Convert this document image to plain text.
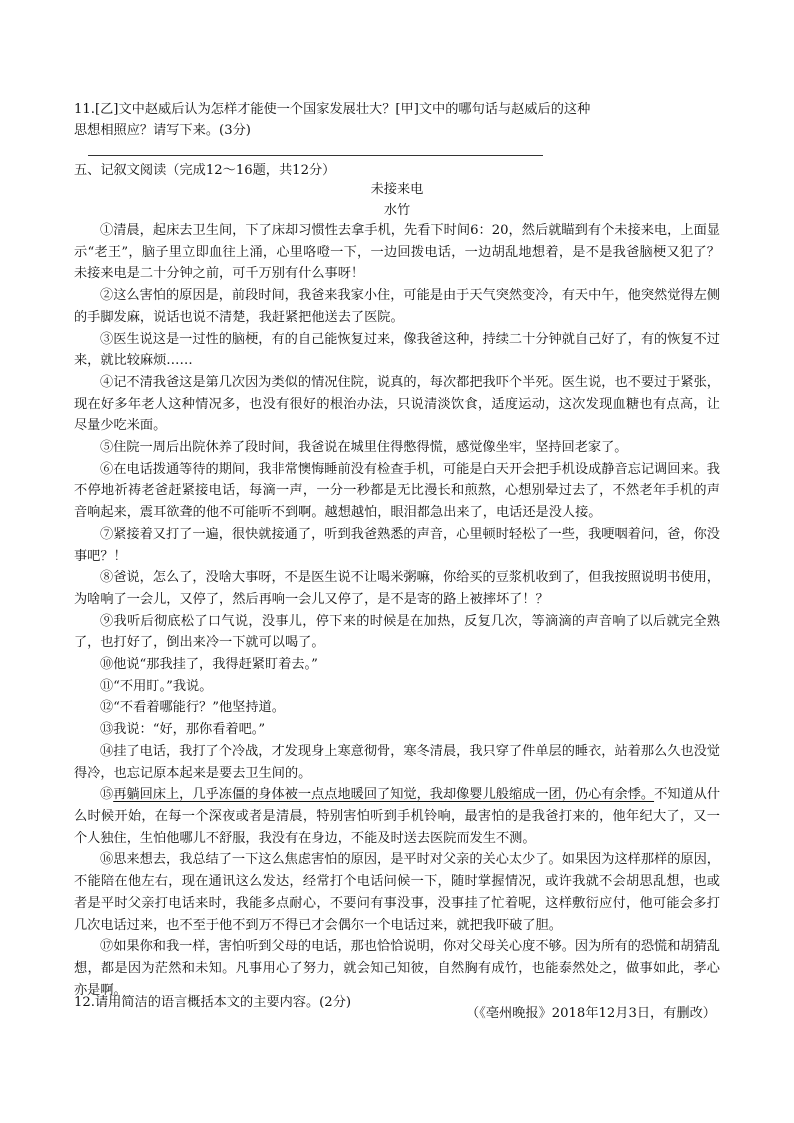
11.[乙]文中赵威后认为怎样才能使一个国家发展壮大？[甲]文中的哪句话与赵威后的这种
思想相照应？请写下来。(3分)
五、记叙文阅读（完成12～16题，共12分）
未接来电
水竹

①清晨，起床去卫生间，下了床却习惯性去拿手机，先看下时间6：20，然后就瞄到有个未接来电，上面显示“老王”，脑子里立即血往上涌，心里咯噔一下，一边回拨电话，一边胡乱地想着，是不是我爸脑梗又犯了？未接来电是二十分钟之前，可千万别有什么事呀！

②这么害怕的原因是，前段时间，我爸来我家小住，可能是由于天气突然变冷，有天中午，他突然觉得左侧的手脚发麻，说话也说不清楚，我赶紧把他送去了医院。

③医生说这是一过性的脑梗，有的自己能恢复过来，像我爸这种，持续二十分钟就自己好了，有的恢复不过来，就比较麻烦……

④记不清我爸这是第几次因为类似的情况住院，说真的，每次都把我吓个半死。医生说，也不要过于紧张，现在好多年老人这种情况多，也没有很好的根治办法，只说清淡饮食，适度运动，这次发现血糖也有点高，让尽量少吃米面。

⑤住院一周后出院休养了段时间，我爸说在城里住得憋得慌，感觉像坐牢，坚持回老家了。

⑥在电话拨通等待的期间，我非常懊悔睡前没有检查手机，可能是白天开会把手机设成静音忘记调回来。我不停地祈祷老爸赶紧接电话，每滴一声，一分一秒都是无比漫长和煎熬，心想别晕过去了，不然老年手机的声音响起来，震耳欲聋的他不可能听不到啊。越想越怕，眼泪都急出来了，电话还是没人接。

⑦紧接着又打了一遍，很快就接通了，听到我爸熟悉的声音，心里顿时轻松了一些，我哽咽着问，爸，你没事吧？！

⑧爸说，怎么了，没啥大事呀，不是医生说不让喝米粥嘛，你给买的豆浆机收到了，但我按照说明书使用，为啥响了一会儿，又停了，然后再响一会儿又停了，是不是寄的路上被摔坏了！？

⑨我听后彻底松了口气说，没事儿，停下来的时候是在加热，反复几次，等滴滴的声音响了以后就完全熟了，也打好了，倒出来冷一下就可以喝了。

⑩他说“那我挂了，我得赶紧盯着去。”

⑪“不用盯。”我说。

⑫“不看着哪能行？”他坚持道。

⑬我说：“好，那你看着吧。”

⑭挂了电话，我打了个冷战，才发现身上寒意彻骨，寒冬清晨，我只穿了件单层的睡衣，站着那么久也没觉得冷，也忘记原本起来是要去卫生间的。

⑮再躺回床上，几乎冻僵的身体被一点点地暖回了知觉，我却像婴儿般缩成一团，仍心有余悸。不知道从什么时候开始，在每一个深夜或者是清晨，特别害怕听到手机铃响，最害怕的是我爸打来的，他年纪大了，又一个人独住，生怕他哪儿不舒服，我没有在身边，不能及时送去医院而发生不测。

⑯思来想去，我总结了一下这么焦虑害怕的原因，是平时对父亲的关心太少了。如果因为这样那样的原因，不能陪在他左右，现在通讯这么发达，经常打个电话问候一下，随时掌握情况，或许我就不会胡思乱想，也或者是平时父亲打电话来时，我能多点耐心，不要问有事没事，没事挂了忙着呢，这样敷衍应付，他可能会多打几次电话过来，也不至于他不到万不得已才会偶尔一个电话过来，就把我吓破了胆。

⑰如果你和我一样，害怕听到父母的电话，那也恰恰说明，你对父母关心度不够。因为所有的恐慌和胡猜乱想，都是因为茫然和未知。凡事用心了努力，就会知己知彼，自然胸有成竹，也能泰然处之，做事如此，孝心亦是啊。

（《亳州晚报》2018年12月3日，有删改）

12.请用简洁的语言概括本文的主要内容。(2分)
